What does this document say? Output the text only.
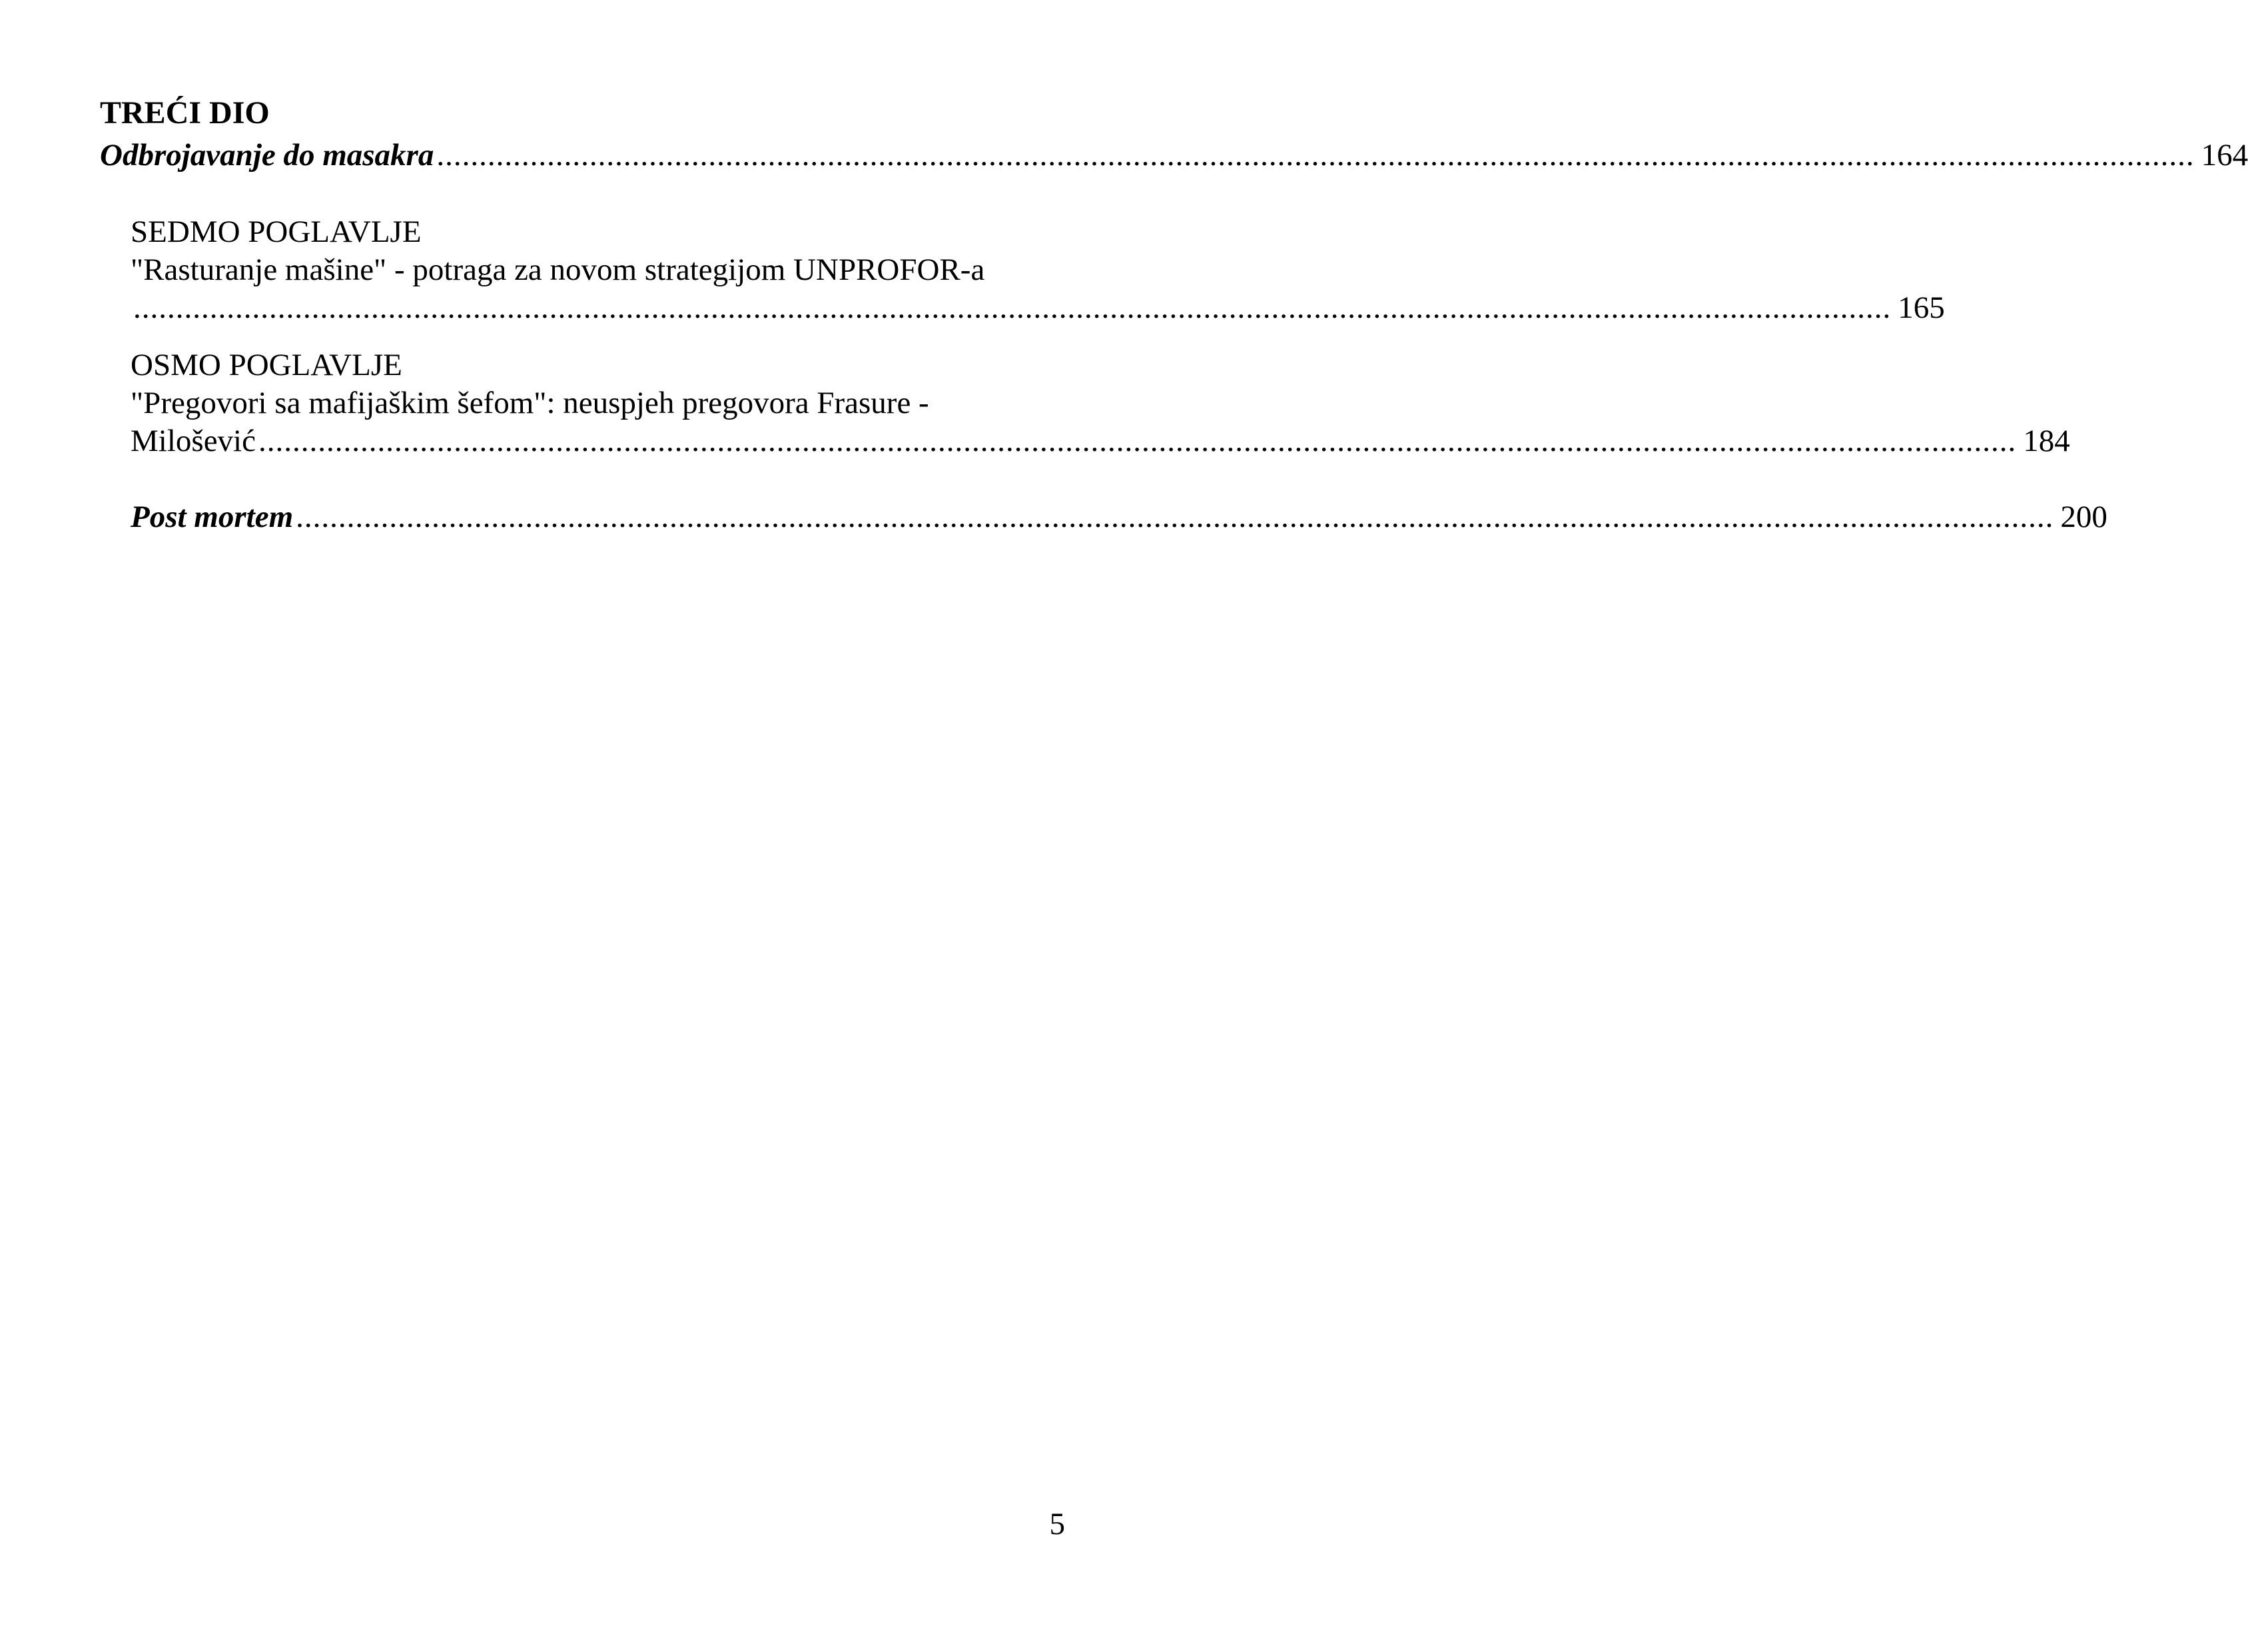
TREĆI DIO
Odbrojavanje do masakra ............................................................................................................................................................................................................... 164
SEDMO POGLAVLJE
"Rasturanje mašine" - potraga za novom strategijom UNPROFOR-a
............................................................................................................................................................................................................... 165
OSMO POGLAVLJE
"Pregovori sa mafijaškim šefom": neuspjeh pregovora Frasure -
Milošević ............................................................................................................................................................................................................... 184
Post mortem ............................................................................................................................................................................................................... 200
5
